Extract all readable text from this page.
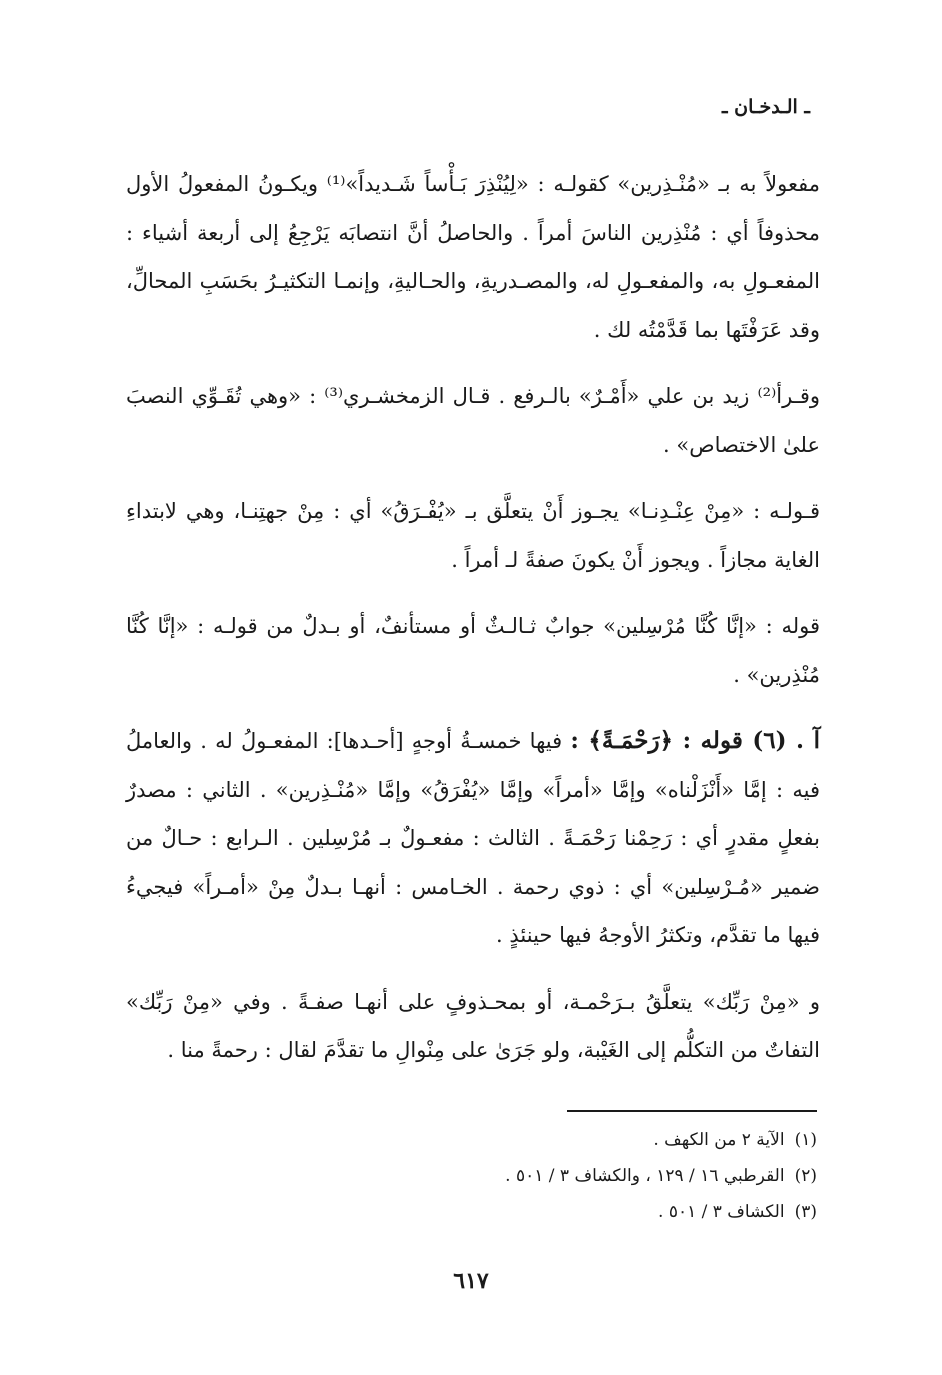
ـ الـدخـان ـ

مفعولاً به بـ «مُنْـذِرين» كقولـه : «لِيُنْذِرَ بَـأْساً شَـديداً»⁽¹⁾ ويكـونُ المفعولُ الأول محذوفاً أي : مُنْذِرين الناسَ أمراً . والحاصلُ أنَّ انتصابَه يَرْجِعُ إلى أربعة أشياء : المفعـولِ به، والمفعـولِ له، والمصـدريةِ، والحـاليةِ، وإنمـا التكثيـرُ بحَسَبِ المحالِّ، وقد عَرَفْتَها بما قَدَّمْتُه لك .

وقـرأ⁽²⁾ زيد بن علي «أَمْـرٌ» بالـرفع . قـال الزمخشـري⁽³⁾ : «وهي تُقَـوِّي النصبَ علىٰ الاختصاص» .

قـولـه : «مِنْ عِنْـدِنـا» يجـوز أَنْ يتعلَّق بـ «يُفْـرَقُ» أي : مِنْ جهتِنـا، وهي لابتداءِ الغاية مجازاً . ويجوز أَنْ يكونَ صفةً لـ أمراً .

قوله : «إنَّا كُنَّا مُرْسِلين» جوابٌ ثـالـثٌ أو مستأنفٌ، أو بـدلٌ من قولـه : «إنَّا كُنَّا مُنْذِرين» .

آ . (٦) قوله : ﴿رَحْمَـةً﴾ : فيها خمسـةُ أوجهٍ [أحـدها]: المفعـولُ له . والعاملُ فيه : إمَّا «أَنْزَلْناه» وإمَّا «أمراً» وإمَّا «يُفْرَقُ» وإمَّا «مُنْـذِرين» . الثاني : مصدرٌ بفعلٍ مقدرٍ أي : رَحِمْنا رَحْمَـةً . الثالث : مفعـولٌ بـ مُرْسِلين . الـرابع : حـالٌ من ضمير «مُـرْسِلين» أي : ذوي رحمة . الخـامس : أنهـا بـدلٌ مِنْ «أمـراً» فيجيءُ فيها ما تقدَّم، وتكثرُ الأوجهُ فيها حينئذٍ .

و «مِنْ رَبِّك» يتعلَّقُ بـرَحْمـة، أو بمحـذوفٍ على أنهـا صفـةً . وفي «مِنْ رَبِّك» التفاتٌ من التكلُّم إلى الغَيْبة، ولو جَرَىٰ على مِنْوالِ ما تقدَّمَ لقال : رحمةً منا .

(١)الآية ٢ من الكهف .
(٢)القرطبي ١٦ / ١٢٩ ، والكشاف ٣ / ٥٠١ .
(٣)الكشاف ٣ / ٥٠١ .
٦١٧
